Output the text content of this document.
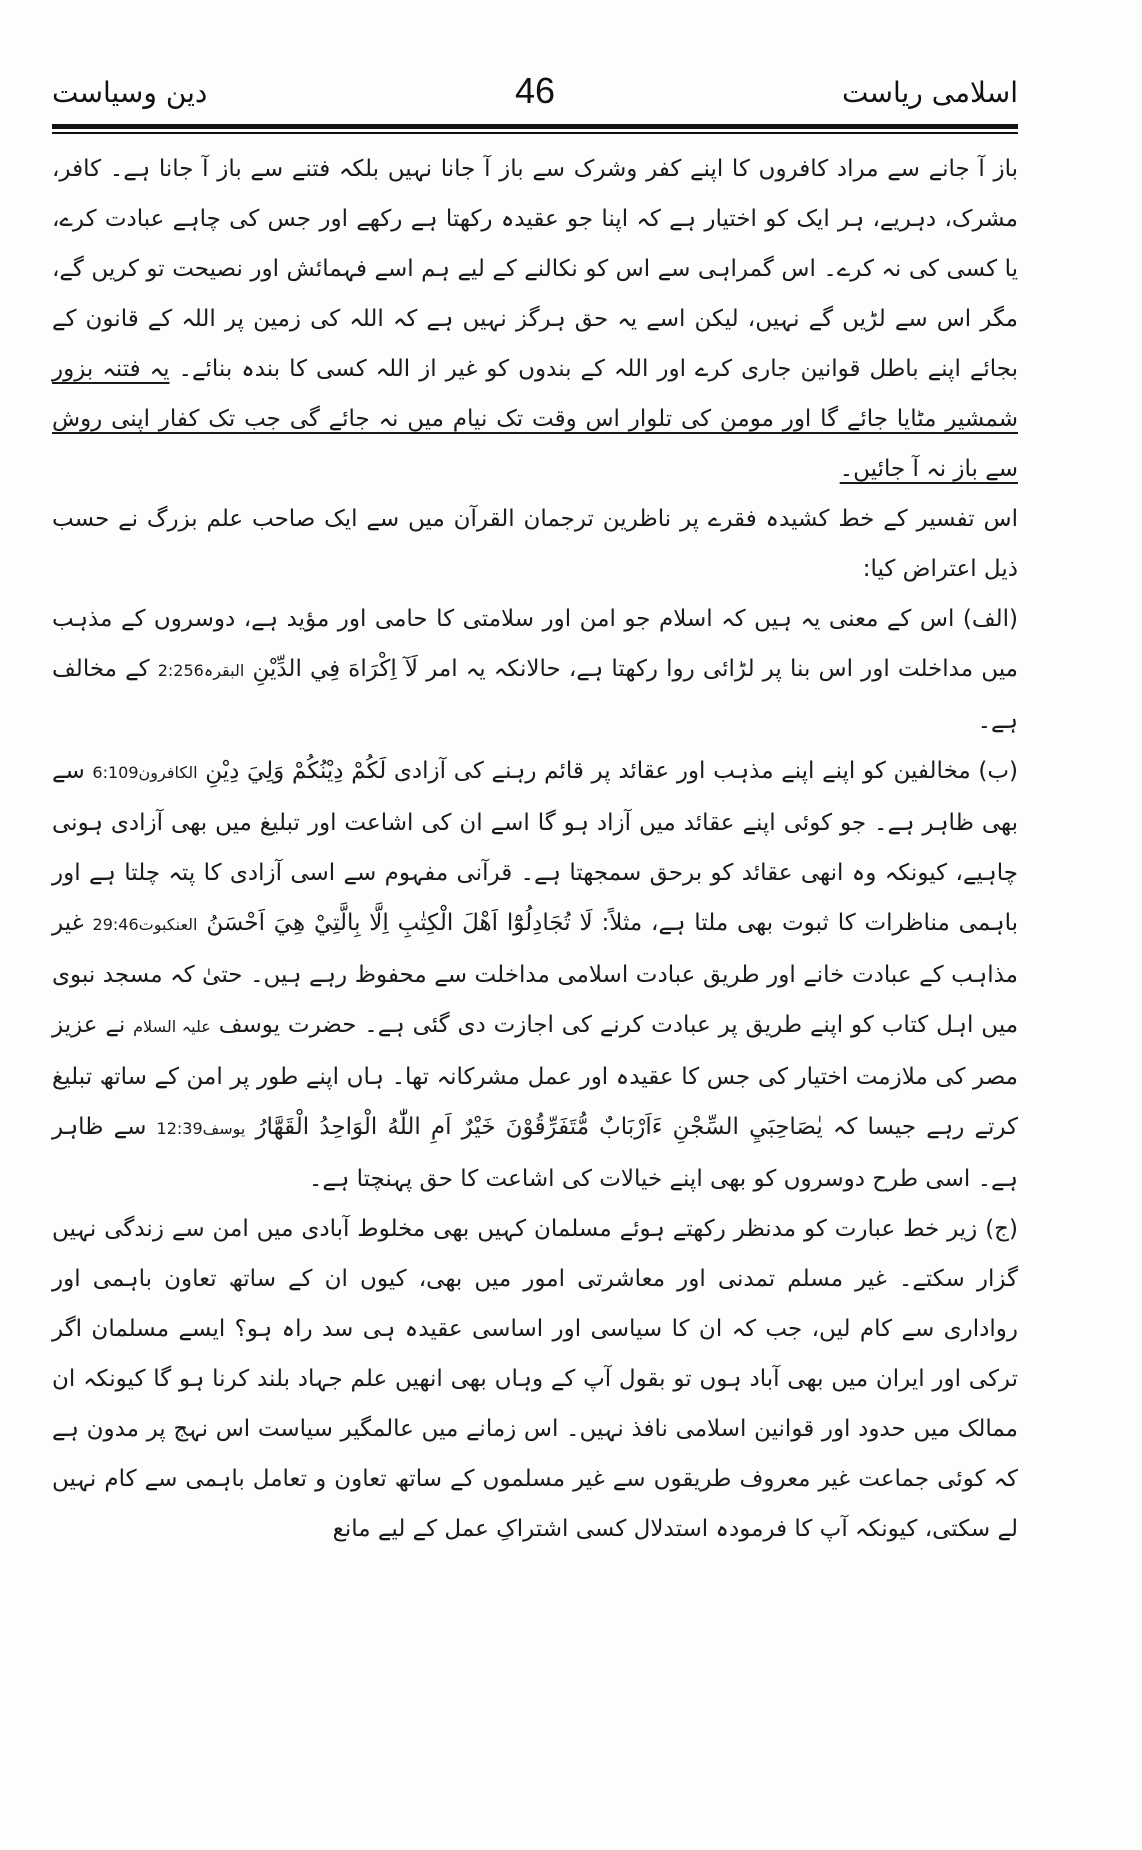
اسلامی ریاست
46
دین وسیاست

باز آ جانے سے مراد کافروں کا اپنے کفر وشرک سے باز آ جانا نہیں بلکہ فتنے سے باز آ جانا ہے۔ کافر، مشرک، دہریے، ہر ایک کو اختیار ہے کہ اپنا جو عقیدہ رکھتا ہے رکھے اور جس کی چاہے عبادت کرے، یا کسی کی نہ کرے۔ اس گمراہی سے اس کو نکالنے کے لیے ہم اسے فہمائش اور نصیحت تو کریں گے، مگر اس سے لڑیں گے نہیں، لیکن اسے یہ حق ہرگز نہیں ہے کہ اللہ کی زمین پر اللہ کے قانون کے بجائے اپنے باطل قوانین جاری کرے اور اللہ کے بندوں کو غیر از اللہ کسی کا بندہ بنائے۔ یہ فتنہ بزور شمشیر مٹایا جائے گا اور مومن کی تلوار اس وقت تک نیام میں نہ جائے گی جب تک کفار اپنی روش سے باز نہ آ جائیں۔

اس تفسیر کے خط کشیدہ فقرے پر ناظرین ترجمان القرآن میں سے ایک صاحب علم بزرگ نے حسب ذیل اعتراض کیا:

(الف) اس کے معنی یہ ہیں کہ اسلام جو امن اور سلامتی کا حامی اور مؤید ہے، دوسروں کے مذہب میں مداخلت اور اس بنا پر لڑائی روا رکھتا ہے، حالانکہ یہ امر لَآ اِكْرَاهَ فِي الدِّيْنِ البقرہ2:256 کے مخالف ہے۔

(ب) مخالفین کو اپنے اپنے مذہب اور عقائد پر قائم رہنے کی آزادی لَكُمْ دِيْنُكُمْ وَلِيَ دِيْنِ الکافرون6:109 سے بھی ظاہر ہے۔ جو کوئی اپنے عقائد میں آزاد ہو گا اسے ان کی اشاعت اور تبلیغ میں بھی آزادی ہونی چاہیے، کیونکہ وہ انھی عقائد کو برحق سمجھتا ہے۔ قرآنی مفہوم سے اسی آزادی کا پتہ چلتا ہے اور باہمی مناظرات کا ثبوت بھی ملتا ہے، مثلاً: لَا تُجَادِلُوْٓا اَهْلَ الْكِتٰبِ اِلَّا بِالَّتِيْ هِيَ اَحْسَنُ العنکبوت29:46 غیر مذاہب کے عبادت خانے اور طریق عبادت اسلامی مداخلت سے محفوظ رہے ہیں۔ حتیٰ کہ مسجد نبوی میں اہل کتاب کو اپنے طریق پر عبادت کرنے کی اجازت دی گئی ہے۔ حضرت یوسف علیہ السلام نے عزیز مصر کی ملازمت اختیار کی جس کا عقیدہ اور عمل مشرکانہ تھا۔ ہاں اپنے طور پر امن کے ساتھ تبلیغ کرتے رہے جیسا کہ يٰصَاحِبَيِ السِّجْنِ ءَاَرْبَابٌ مُّتَفَرِّقُوْنَ خَيْرٌ اَمِ اللّٰهُ الْوَاحِدُ الْقَهَّارُ یوسف12:39 سے ظاہر ہے۔ اسی طرح دوسروں کو بھی اپنے خیالات کی اشاعت کا حق پہنچتا ہے۔

(ج) زیر خط عبارت کو مدنظر رکھتے ہوئے مسلمان کہیں بھی مخلوط آبادی میں امن سے زندگی نہیں گزار سکتے۔ غیر مسلم تمدنی اور معاشرتی امور میں بھی، کیوں ان کے ساتھ تعاون باہمی اور رواداری سے کام لیں، جب کہ ان کا سیاسی اور اساسی عقیدہ ہی سد راہ ہو؟ ایسے مسلمان اگر ترکی اور ایران میں بھی آباد ہوں تو بقول آپ کے وہاں بھی انھیں علم جہاد بلند کرنا ہو گا کیونکہ ان ممالک میں حدود اور قوانین اسلامی نافذ نہیں۔ اس زمانے میں عالمگیر سیاست اس نہج پر مدون ہے کہ کوئی جماعت غیر معروف طریقوں سے غیر مسلموں کے ساتھ تعاون و تعامل باہمی سے کام نہیں لے سکتی، کیونکہ آپ کا فرمودہ استدلال کسی اشتراکِ عمل کے لیے مانع
